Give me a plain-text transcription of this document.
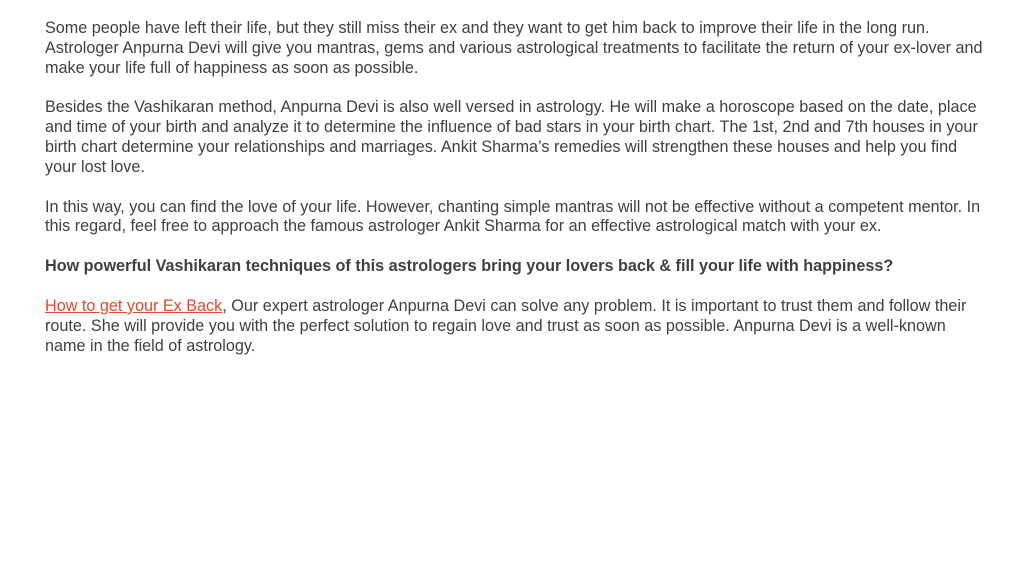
Some people have left their life, but they still miss their ex and they want to get him back to improve their life in the long run. Astrologer Anpurna Devi will give you mantras, gems and various astrological treatments to facilitate the return of your ex-lover and make your life full of happiness as soon as possible.

Besides the Vashikaran method, Anpurna Devi is also well versed in astrology. He will make a horoscope based on the date, place and time of your birth and analyze it to determine the influence of bad stars in your birth chart. The 1st, 2nd and 7th houses in your birth chart determine your relationships and marriages. Ankit Sharma’s remedies will strengthen these houses and help you find your lost love.

In this way, you can find the love of your life. However, chanting simple mantras will not be effective without a competent mentor. In this regard, feel free to approach the famous astrologer Ankit Sharma for an effective astrological match with your ex.

How powerful Vashikaran techniques of this astrologers bring your lovers back & fill your life with happiness?

How to get your Ex Back, Our expert astrologer Anpurna Devi can solve any problem. It is important to trust them and follow their route. She will provide you with the perfect solution to regain love and trust as soon as possible. Anpurna Devi is a well-known name in the field of astrology.
